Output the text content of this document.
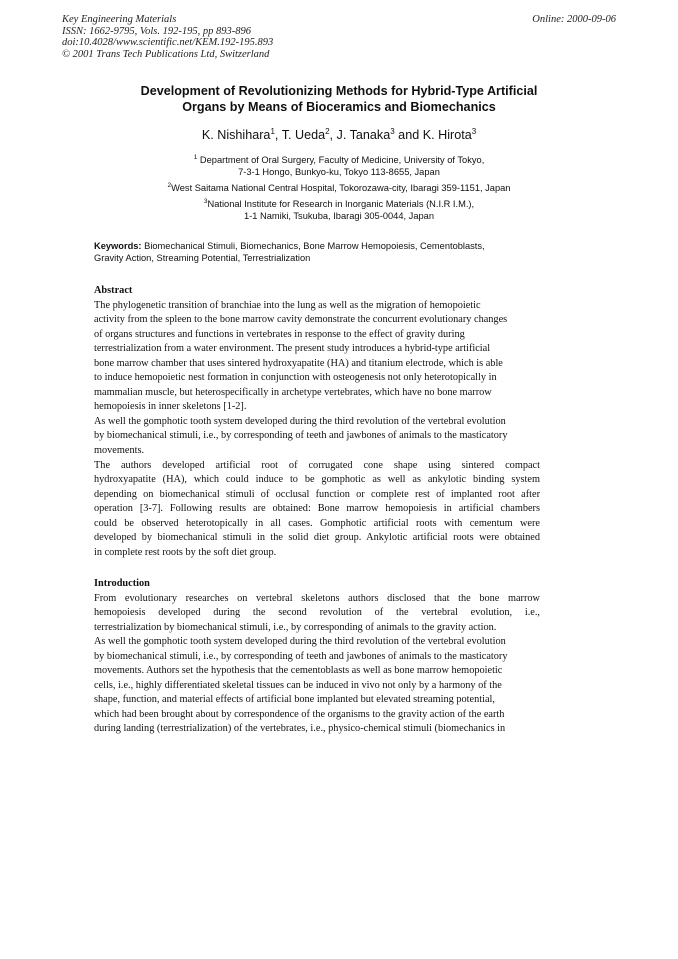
Key Engineering Materials
ISSN: 1662-9795, Vols. 192-195, pp 893-896
doi:10.4028/www.scientific.net/KEM.192-195.893
© 2001 Trans Tech Publications Ltd, Switzerland
Online: 2000-09-06
Development of Revolutionizing Methods for Hybrid-Type Artificial
Organs by Means of Bioceramics and Biomechanics
K. Nishihara$^1$, T. Ueda$^2$, J. Tanaka$^3$ and K. Hirota$^3$
$^1$ Department of Oral Surgery, Faculty of Medicine, University of Tokyo,
7-3-1 Hongo, Bunkyo-ku, Tokyo 113-8655, Japan
$^2$West Saitama National Central Hospital, Tokorozawa-city, Ibaragi 359-1151, Japan
$^3$National Institute for Research in Inorganic Materials (N.I.R I.M.),
1-1 Namiki, Tsukuba, Ibaragi 305-0044, Japan
Keywords: Biomechanical Stimuli, Biomechanics, Bone Marrow Hemopoiesis, Cementoblasts,
Gravity Action, Streaming Potential, Terrestrialization
Abstract
The phylogenetic transition of branchiae into the lung as well as the migration of hemopoietic
activity from the spleen to the bone marrow cavity demonstrate the concurrent evolutionary changes
of organs structures and functions in vertebrates in response to the effect of gravity during
terrestrialization from a water environment. The present study introduces a hybrid-type artificial
bone marrow chamber that uses sintered hydroxyapatite (HA) and titanium electrode, which is able
to induce hemopoietic nest formation in conjunction with osteogenesis not only heterotopically in
mammalian muscle, but heterospecifically in archetype vertebrates, which have no bone marrow
hemopoiesis in inner skeletons [1-2].
As well the gomphotic tooth system developed during the third revolution of the vertebral evolution
by biomechanical stimuli, i.e., by corresponding of teeth and jawbones of animals to the masticatory
movements.
The authors developed artificial root of corrugated cone shape using sintered compact
hydroxyapatite (HA), which could induce to be gomphotic as well as ankylotic binding system
depending on biomechanical stimuli of occlusal function or complete rest of implanted root after
operation [3-7]. Following results are obtained: Bone marrow hemopoiesis in artificial chambers
could be observed heterotopically in all cases. Gomphotic artificial roots with cementum were
developed by biomechanical stimuli in the solid diet group. Ankylotic artificial roots were obtained
in complete rest roots by the soft diet group.
Introduction
From evolutionary researches on vertebral skeletons authors disclosed that the bone marrow
hemopoiesis developed during the second revolution of the vertebral evolution, i.e.,
terrestrialization by biomechanical stimuli, i.e., by corresponding of animals to the gravity action.
As well the gomphotic tooth system developed during the third revolution of the vertebral evolution
by biomechanical stimuli, i.e., by corresponding of teeth and jawbones of animals to the masticatory
movements. Authors set the hypothesis that the cementoblasts as well as bone marrow hemopoietic
cells, i.e., highly differentiated skeletal tissues can be induced in vivo not only by a harmony of the
shape, function, and material effects of artificial bone implanted but elevated streaming potential,
which had been brought about by correspondence of the organisms to the gravity action of the earth
during landing (terrestrialization) of the vertebrates, i.e., physico-chemical stimuli (biomechanics in
